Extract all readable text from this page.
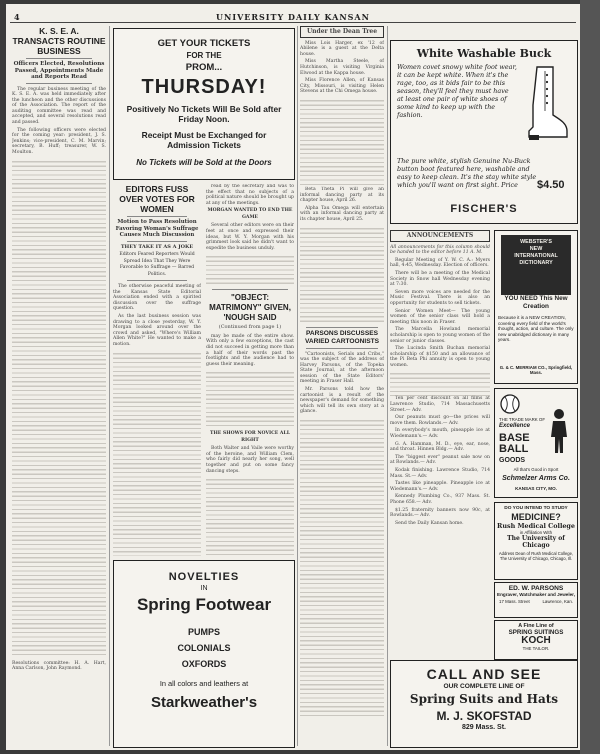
4	UNIVERSITY DAILY KANSAN
K. S. E. A. TRANSACTS ROUTINE BUSINESS
Officers Elected, Resolutions Passed, Appointments Made and Reports Read

The regular business meeting of the K. S. E. A. was held immediately after the luncheon and the other discussions of the Association. The report of the auditing committee was read and accepted, and several resolutions read and passed.

The following officers were elected for the coming year: president, J. S. Jenkins; vice-president, C. M. Marvin; secretary, B. Huff; treasurer, W. S. Moulton.

Resolutions committee: H. A. Hart, Anna Carlson, John Raymond.

GET YOUR TICKETS
FOR THE
PROM...
THURSDAY!
Positively No Tickets Will Be Sold after Friday Noon.
Receipt Must be Exchanged for Admission Tickets
No Tickets will be Sold at the Doors
EDITORS FUSS OVER VOTES FOR WOMEN
Motion to Pass Resolution Favoring Woman's Suffrage Causes Much Discussion
THEY TAKE IT AS A JOKE
Editors Feared Reporters Would Spread Idea That They Were Favorable to Suffrage — Barred Politics.

The otherwise peaceful meeting of the Kansas State Editorial Association ended with a spirited discussion over the suffrage question.

As the last business session was drawing to a close yesterday, W. Y. Morgan looked around over the crowd and asked, "Where's William Allen White?" He wanted to make a motion.

read by the secretary and was to the effect that no subjects of a political nature should be brought up at any of the meetings.

MORGAN WANTED TO END THE GAME

Several other editors were on their feet at once and expressed their ideas, but W. Y. Morgan with his grimmest look said he didn't want to expedite the business unduly.

"OBJECT: MATRIMONY" GIVEN, 'NOUGH SAID
(Continued from page 1)

may be made of the entire show. With only a few exceptions, the cast did not succeed in getting more than a half of their words past the footlights and the audience had to guess their meaning.

THE SHOWS FOR NOVICE ALL RIGHT

Both Walter and Vaile were worthy of the heroine, and William Clem, who fairly did nearly her song, well together and put on some fancy dancing steps.

NOVELTIES
IN
Spring Footwear
PUMPS
COLONIALS
OXFORDS
In all colors and leathers at
Starkweather's
Under the Dean Tree

Miss Lois Harger, ex '12 of Abilene is a guest at the Delta house.

Miss Martha Steele, of Hutchinson, is visiting Virginia Elwood at the Kappa house.

Miss Florence Allen, of Kansas City, Missouri, is visiting Helen Stevens at the Chi Omega house.

Beta Theta Pi will give an informal dancing party at its chapter house, April 26.

Alpha Tau Omega will entertain with an informal dancing party at its chapter house, April 25.

PARSONS DISCUSSES VARIED CARTOONISTS

"Cartoonists, Serials and Cribs," was the subject of the address of Harvey Parsons, of the Topeka State Journal, at the afternoon session of the State Editors' meeting in Fraser Hall.

Mr. Parsons told how the cartoonist is a result of the newspaper's demand for something which will tell its own story at a glance.

White Washable Buck
Women covet snowy white foot wear, it can be kept white. When it's the rage, too, as it bids fair to be this season, they'll feel they must have at least one pair of white shoes of some kind to keep up with the fashion.
The pure white, stylish Genuine Nu-Buck button boot featured here, washable and easy to keep clean. It's the stay white style which you'll want on first sight. Price	$4.50
FISCHER'S
ANNOUNCEMENTS

All announcements for this column should be handed to the editor before 11 A. M.

Regular Meeting of Y. W. C. A.: Myers hall, 4:45, Wednesday. Election of officers.

There will be a meeting of the Medical Society in Snow hall Wednesday evening at 7:30.

Seven more voices are needed for the Music Festival. There is also an opportunity for students to sell tickets.

Senior Women Meet— The young women of the senior class will hold a meeting this noon in Fraser.

The Marcella Howland memorial scholarship is open to young women of the senior or junior classes.

The Lucinda Smith Buchan memorial scholarship of $150 and an allowance of the Pi Beta Phi annuity is open to young women.

Ten per cent discount on all films at Lawrence Studio, 714 Massachusetts Street.— Adv.

Our peanuts must go—the prices will move them. Rowlands.— Adv.

In everybody's mouth, pineapple ice at Wiedemann's.— Adv.

G. A. Hamman, M. D., eye, ear, nose, and throat. Hinnen Bldg.— Adv.

The "biggest ever" peanut sale now on at Rowlands.— Adv.

Kodak finishing. Lawrence Studio, 714 Mass. St.— Adv.

Tastes like pineapple. Pineapple ice at Wiedemann's.— Adv.

Kennedy Plumbing Co., 937 Mass. St. Phone 658.— Adv.

$1.25 fraternity banners now 90c, at Rowlands.— Adv.

Send the Daily Kansan home.

WEBSTER'S
NEW
INTERNATIONAL
DICTIONARY
YOU NEED This New Creation
Because it is a NEW CREATION, covering every field of the world's thought, action, and culture. The only new unabridged dictionary in many years.
G. & C. MERRIAM CO., Springfield, Mass.
THE TRADE MARK OF
Excellence
BASE BALL
GOODS
All that's Good in Sport
Schmelzer Arms Co.
KANSAS CITY, MO.
DO YOU INTEND TO STUDY
MEDICINE?
Rush Medical College
in Affiliation With
The University of Chicago
Address Dean of Rush Medical College, The University of Chicago, Chicago, Ill.
ED. W. PARSONS
Engraver, Watchmaker and Jeweler,
17 Mass. Street	Lawrence, Kan.
A Fine Line of
SPRING SUITINGS
KOCH
THE TAILOR.
CALL AND SEE
OUR COMPLETE LINE OF
Spring Suits and Hats
M. J. SKOFSTAD
829 Mass. St.
